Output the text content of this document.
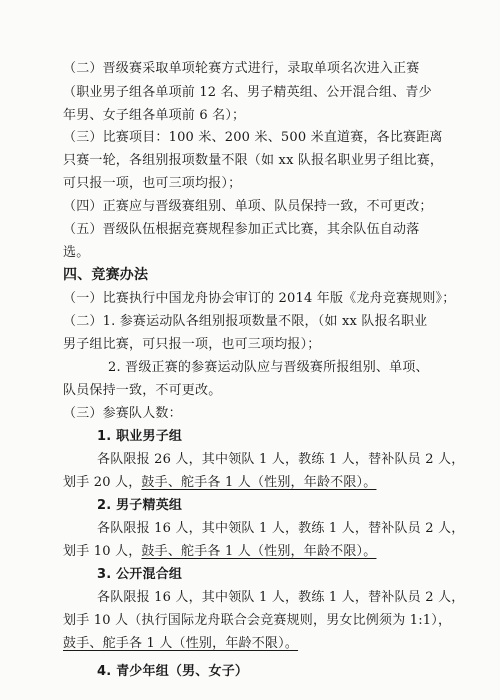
（二）晋级赛采取单项轮赛方式进行，录取单项名次进入正赛
（职业男子组各单项前 12 名、男子精英组、公开混合组、青少
年男、女子组各单项前 6 名）；
（三）比赛项目：100 米、200 米、500 米直道赛，各比赛距离
只赛一轮，各组别报项数量不限（如 xx 队报名职业男子组比赛，
可只报一项，也可三项均报）；
（四）正赛应与晋级赛组别、单项、队员保持一致，不可更改；
（五）晋级队伍根据竞赛规程参加正式比赛，其余队伍自动落
选。
四、竞赛办法
（一）比赛执行中国龙舟协会审订的 2014 年版《龙舟竞赛规则》；
（二）1. 参赛运动队各组别报项数量不限，（如 xx 队报名职业
男子组比赛，可只报一项，也可三项均报）；
2. 晋级正赛的参赛运动队应与晋级赛所报组别、单项、
队员保持一致，不可更改。
（三）参赛队人数：
1. 职业男子组
各队限报 26 人，其中领队 1 人，教练 1 人，替补队员 2 人，
划手 20 人，鼓手、舵手各 1 人（性别，年龄不限）。
2. 男子精英组
各队限报 16 人，其中领队 1 人，教练 1 人，替补队员 2 人，
划手 10 人，鼓手、舵手各 1 人（性别，年龄不限）。
3. 公开混合组
各队限报 16 人，其中领队 1 人，教练 1 人，替补队员 2 人，
划手 10 人（执行国际龙舟联合会竞赛规则，男女比例须为 1:1），
鼓手、舵手各 1 人（性别，年龄不限）。
4. 青少年组（男、女子）
